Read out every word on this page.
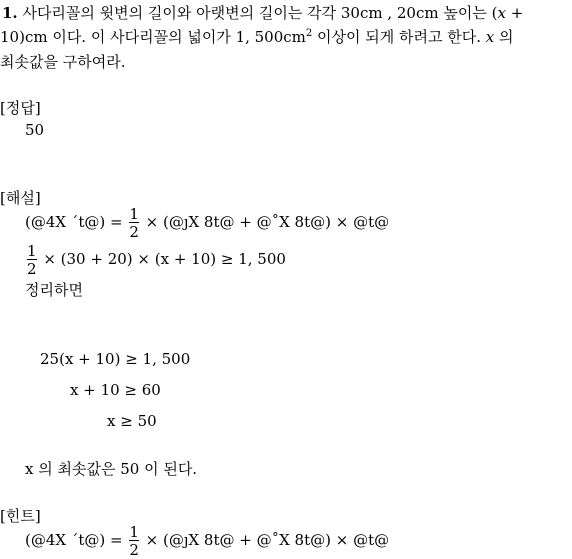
1. 사다리꼴의 윗변의 길이와 아랫변의 길이는 각각 30cm , 20cm 높이는 (x +
10)cm 이다. 이 사다리꼴의 넓이가 1, $500cm^2$ 이상이 되게 하려고 한다. x 의
최솟값을 구하여라.
[정답]
50
[해설]
(@4X ˊt@) = $\frac{1}{2}$ × (@ȷX 8t@ + @˚X 8t@) × @t@
$\frac{1}{2} \times (30 + 20) \times (x + 10) \ge 1$, 500
정리하면
25(x + 10) ≥ 1, 500
x + 10 ≥ 60
x ≥ 50
x 의 최솟값은 50 이 된다.
[힌트]
(@4X ˊt@) = $\frac{1}{2}$ × (@ȷX 8t@ + @˚X 8t@) × @t@
